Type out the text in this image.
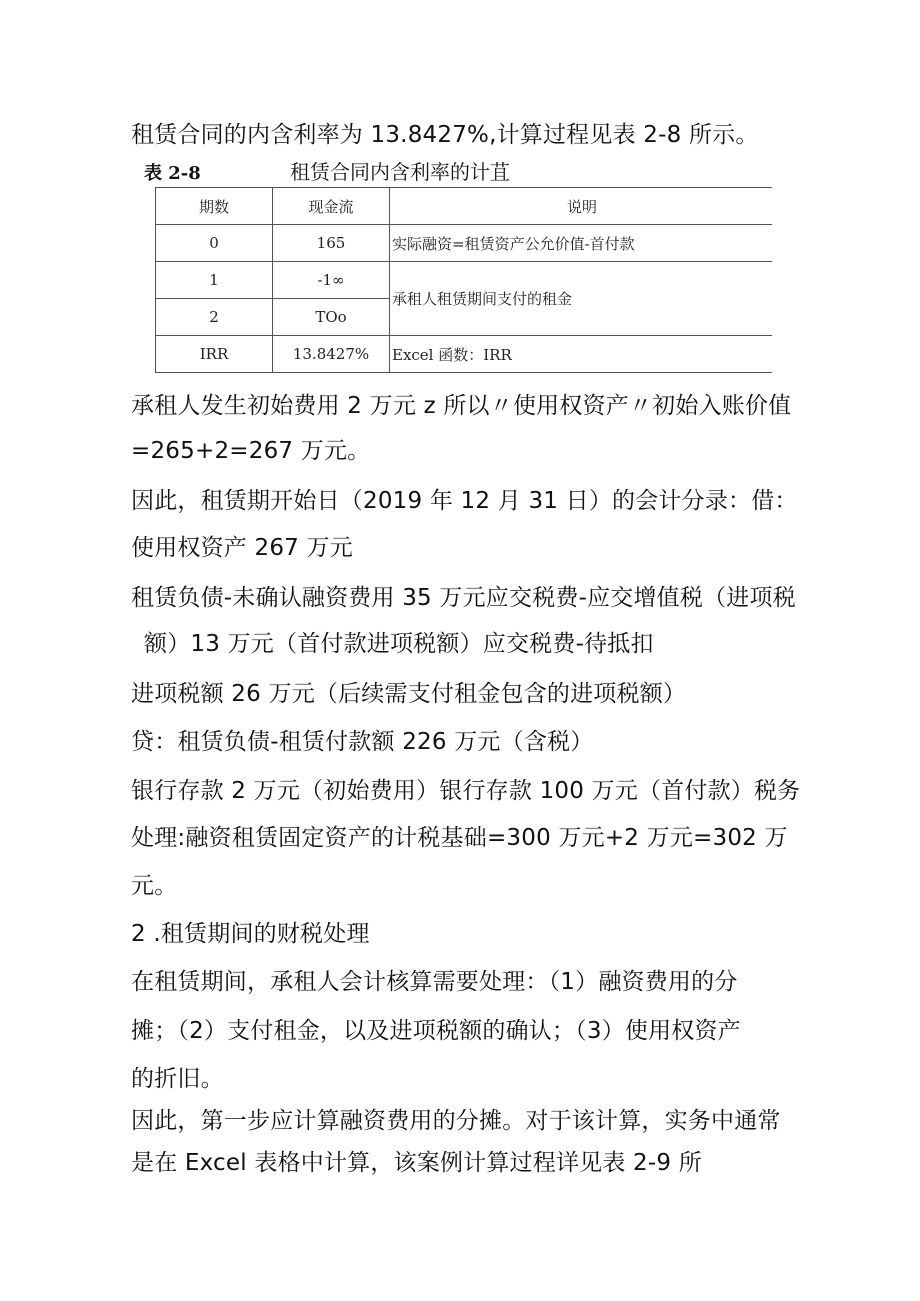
租赁合同的内含利率为 13.8427%,计算过程见表 2-8 所示。
表 2-8	租赁合同内含利率的计苴
期数	现金流	说明
0	165	实际融资=租赁资产公允价值-首付款
1	-1∞	承租人租赁期间支付的租金
2	TOo	
IRR	13.8427%	Excel 函数：IRR
承租人发生初始费用 2 万元 z 所以〃使用权资产〃初始入账价值
=265+2=267 万元。
因此，租赁期开始日（2019 年 12 月 31 日）的会计分录：借：
使用权资产 267 万元
租赁负债-未确认融资费用 35 万元应交税费-应交增值税（进项税
额）13 万元（首付款进项税额）应交税费-待抵扣
进项税额 26 万元（后续需支付租金包含的进项税额）
贷：租赁负债-租赁付款额 226 万元（含税）
银行存款 2 万元（初始费用）银行存款 100 万元（首付款）税务
处理:融资租赁固定资产的计税基础=300 万元+2 万元=302 万
元。
2 .租赁期间的财税处理
在租赁期间，承租人会计核算需要处理：（1）融资费用的分
摊；（2）支付租金，以及进项税额的确认；（3）使用权资产
的折旧。
因此，第一步应计算融资费用的分摊。对于该计算，实务中通常
是在 Excel 表格中计算，该案例计算过程详见表 2-9 所
